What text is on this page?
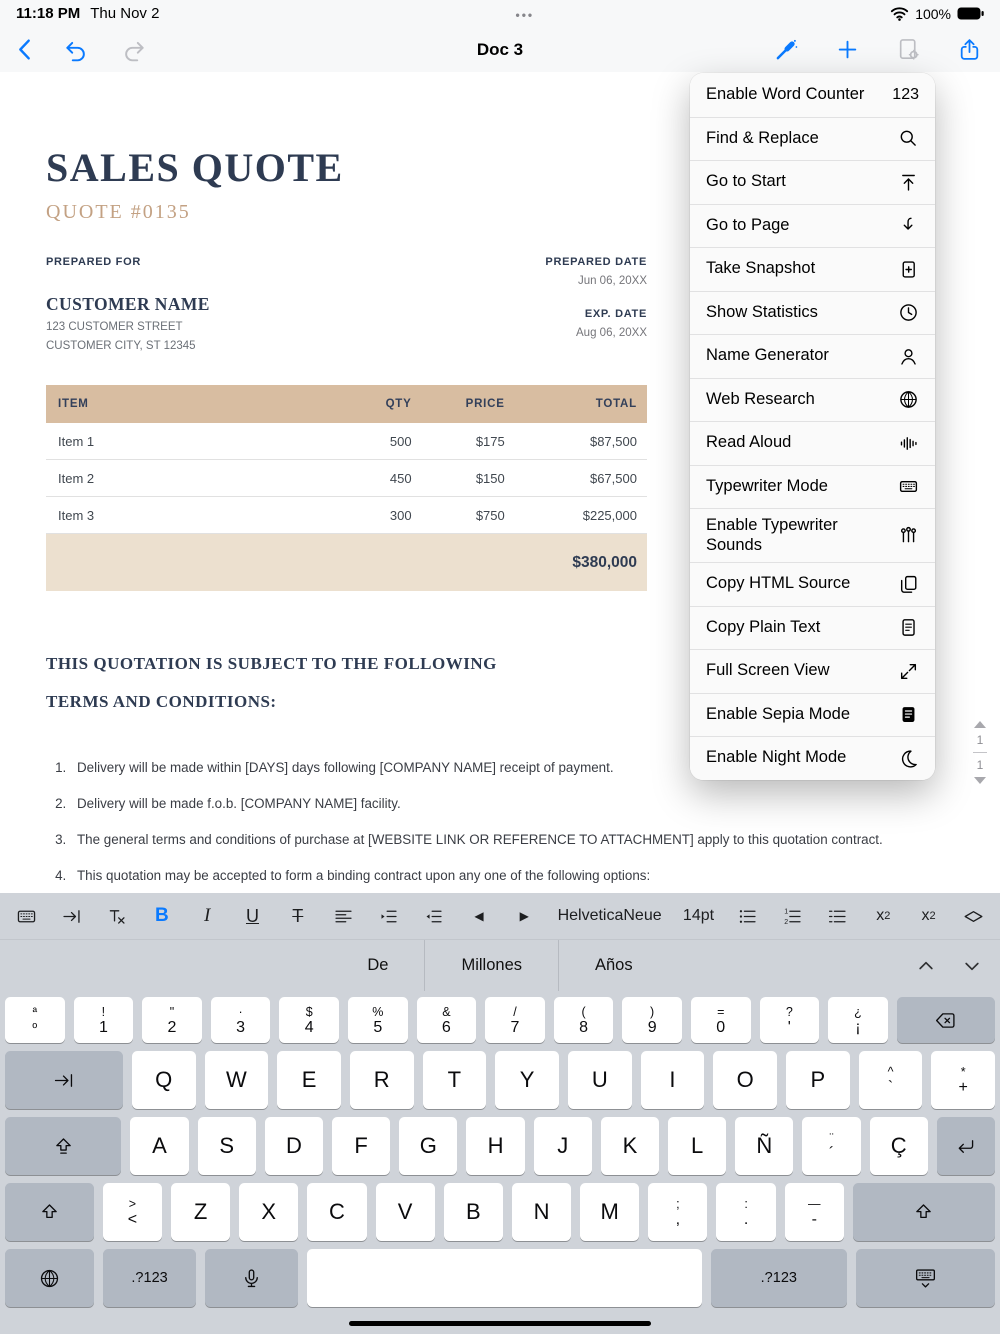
11:18 PM Thu Nov 2	•••	100%
Doc 3
SALES QUOTE
QUOTE #0135
PREPARED FOR
CUSTOMER NAME
123 CUSTOMER STREET
CUSTOMER CITY, ST 12345
PREPARED DATE
Jun 06, 20XX
EXP. DATE
Aug 06, 20XX
ITEM	QTY	PRICE	TOTAL
Item 1	500	$175	$87,500
Item 2	450	$150	$67,500
Item 3	300	$750	$225,000
$380,000
THIS QUOTATION IS SUBJECT TO THE FOLLOWING
TERMS AND CONDITIONS:
1. Delivery will be made within [DAYS] days following [COMPANY NAME] receipt of payment.
2. Delivery will be made f.o.b. [COMPANY NAME] facility.
3. The general terms and conditions of purchase at [WEBSITE LINK OR REFERENCE TO ATTACHMENT] apply to this quotation contract.
4. This quotation may be accepted to form a binding contract upon any one of the following options:
Enable Word Counter	123
Find & Replace
Go to Start
Go to Page
Take Snapshot
Show Statistics
Name Generator
Web Research
Read Aloud
Typewriter Mode
Enable Typewriter Sounds
Copy HTML Source
Copy Plain Text
Full Screen View
Enable Sepia Mode
Enable Night Mode
1
1
B	I	U	T	◀	▶	HelveticaNeue 14pt	1
2	x 2 x 2
De	Millones	Años
ª
º
!
1
"
2
·
3
$
4
%
5
&
6
/
7
(
8
)
9
=
0
?
'
¿
¡
Q	W	E	R	T	Y	U	I	O	P	^
`
*
+
A	S	D	F	G	H	J	K	L	Ñ	¨
´	Ç
>
<	Z	X	C	V	B	N	M	;
,
:
.
—
-
.?123	.?123
